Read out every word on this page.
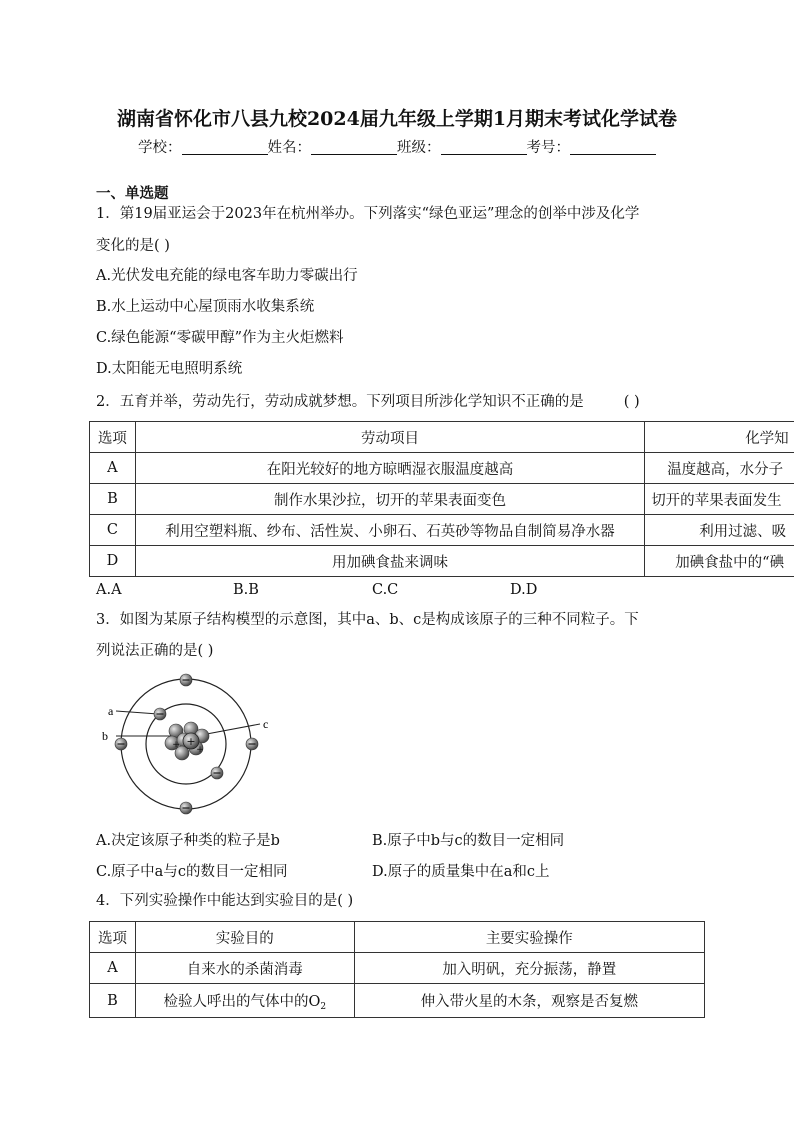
湖南省怀化市八县九校2024届九年级上学期1月期末考试化学试卷
学校：	姓名：	班级：	考号：
一、单选题
1．第19届亚运会于2023年在杭州举办。下列落实“绿色亚运”理念的创举中涉及化学
变化的是( )
A.光伏发电充能的绿电客车助力零碳出行
B.水上运动中心屋顶雨水收集系统
C.绿色能源“零碳甲醇”作为主火炬燃料
D.太阳能无电照明系统
2．五育并举，劳动先行，劳动成就梦想。下列项目所涉化学知识不正确的是	( )
选项	劳动项目	化学知
A	在阳光较好的地方晾晒湿衣服温度越高	温度越高，水分子
B	制作水果沙拉，切开的苹果表面变色	切开的苹果表面发生
C	利用空塑料瓶、纱布、活性炭、小卵石、石英砂等物品自制简易净水器	利用过滤、吸
D	用加碘食盐来调味	加碘食盐中的“碘
A.A	B.B	C.C	D.D
3．如图为某原子结构模型的示意图，其中a、b、c是构成该原子的三种不同粒子。下
列说法正确的是( )
a
b
c
+
+ +
A.决定该原子种类的粒子是b	B.原子中b与c的数目一定相同
C.原子中a与c的数目一定相同	D.原子的质量集中在a和c上
4．下列实验操作中能达到实验目的是( )
选项	实验目的	主要实验操作
A	自来水的杀菌消毒	加入明矾，充分振荡，静置
B	检验人呼出的气体中的$O_2$	伸入带火星的木条，观察是否复燃
